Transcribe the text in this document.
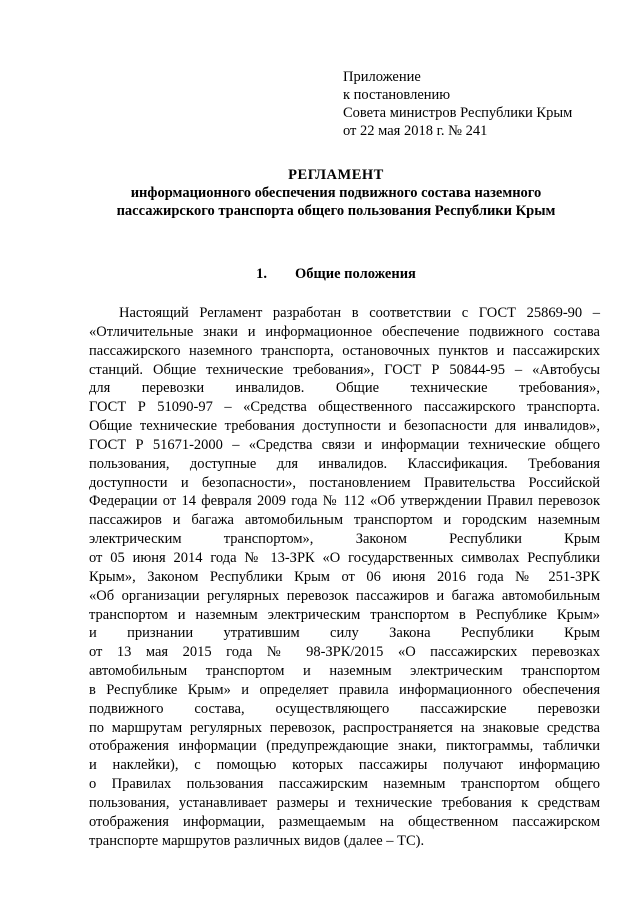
Приложение
к постановлению
Совета министров Республики Крым
от 22 мая 2018 г. № 241
РЕГЛАМЕНТ
информационного обеспечения подвижного состава наземного
пассажирского транспорта общего пользования Республики Крым
1. Общие положения
Настоящий Регламент разработан в соответствии с ГОСТ 25869-90 –
«Отличительные знаки и информационное обеспечение подвижного состава
пассажирского наземного транспорта, остановочных пунктов и пассажирских
станций. Общие технические требования», ГОСТ Р 50844-95 – «Автобусы
для перевозки инвалидов. Общие технические требования»,
ГОСТ Р 51090-97 – «Средства общественного пассажирского транспорта.
Общие технические требования доступности и безопасности для инвалидов»,
ГОСТ Р 51671-2000 – «Средства связи и информации технические общего
пользования, доступные для инвалидов. Классификация. Требования
доступности и безопасности», постановлением Правительства Российской
Федерации от 14 февраля 2009 года № 112 «Об утверждении Правил перевозок
пассажиров и багажа автомобильным транспортом и городским наземным
электрическим транспортом», Законом Республики Крым
от 05 июня 2014 года № 13-ЗРК «О государственных символах Республики
Крым», Законом Республики Крым от 06 июня 2016 года № 251-ЗРК
«Об организации регулярных перевозок пассажиров и багажа автомобильным
транспортом и наземным электрическим транспортом в Республике Крым»
и признании утратившим силу Закона Республики Крым
от 13 мая 2015 года № 98-ЗРК/2015 «О пассажирских перевозках
автомобильным транспортом и наземным электрическим транспортом
в Республике Крым» и определяет правила информационного обеспечения
подвижного состава, осуществляющего пассажирские перевозки
по маршрутам регулярных перевозок, распространяется на знаковые средства
отображения информации (предупреждающие знаки, пиктограммы, таблички
и наклейки), с помощью которых пассажиры получают информацию
о Правилах пользования пассажирским наземным транспортом общего
пользования, устанавливает размеры и технические требования к средствам
отображения информации, размещаемым на общественном пассажирском
транспорте маршрутов различных видов (далее – ТС).
